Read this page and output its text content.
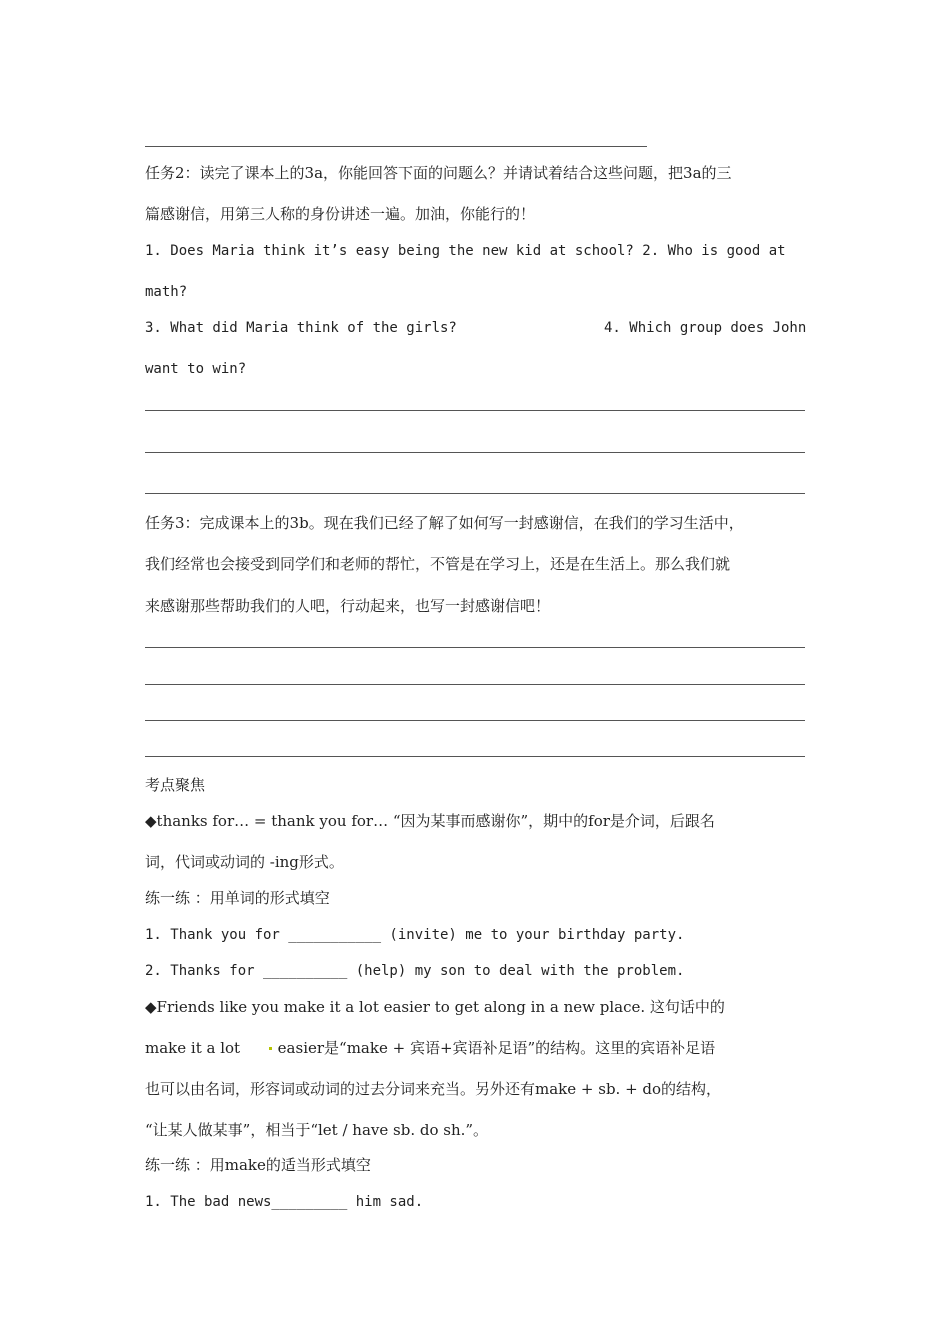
任务2：读完了课本上的3a，你能回答下面的问题么？并请试着结合这些问题，把3a的三
篇感谢信，用第三人称的身份讲述一遍。加油，你能行的！
1. Does Maria think it’s easy being the new kid at school? 2. Who is good at
math?
3. What did Maria think of the girls?	4. Which group does John
want to win?
任务3：完成课本上的3b。现在我们已经了解了如何写一封感谢信，在我们的学习生活中，
我们经常也会接受到同学们和老师的帮忙，不管是在学习上，还是在生活上。那么我们就
来感谢那些帮助我们的人吧，行动起来，也写一封感谢信吧！
考点聚焦
◆thanks for… = thank you for… “因为某事而感谢你”，期中的for是介词，后跟名
词，代词或动词的 -ing形式。
练一练 ：用单词的形式填空
1. Thank you for ___________ (invite) me to your birthday party.
2. Thanks for __________ (help) my son to deal with the problem.
◆Friends like you make it a lot easier to get along in a new place. 这句话中的
make it a lot      easier是“make + 宾语+宾语补足语”的结构。这里的宾语补足语
也可以由名词，形容词或动词的过去分词来充当。另外还有make + sb. + do的结构，
“让某人做某事”，相当于“let / have sb. do sh.”。
练一练 ：用make的适当形式填空
1. The bad news_________ him sad.
